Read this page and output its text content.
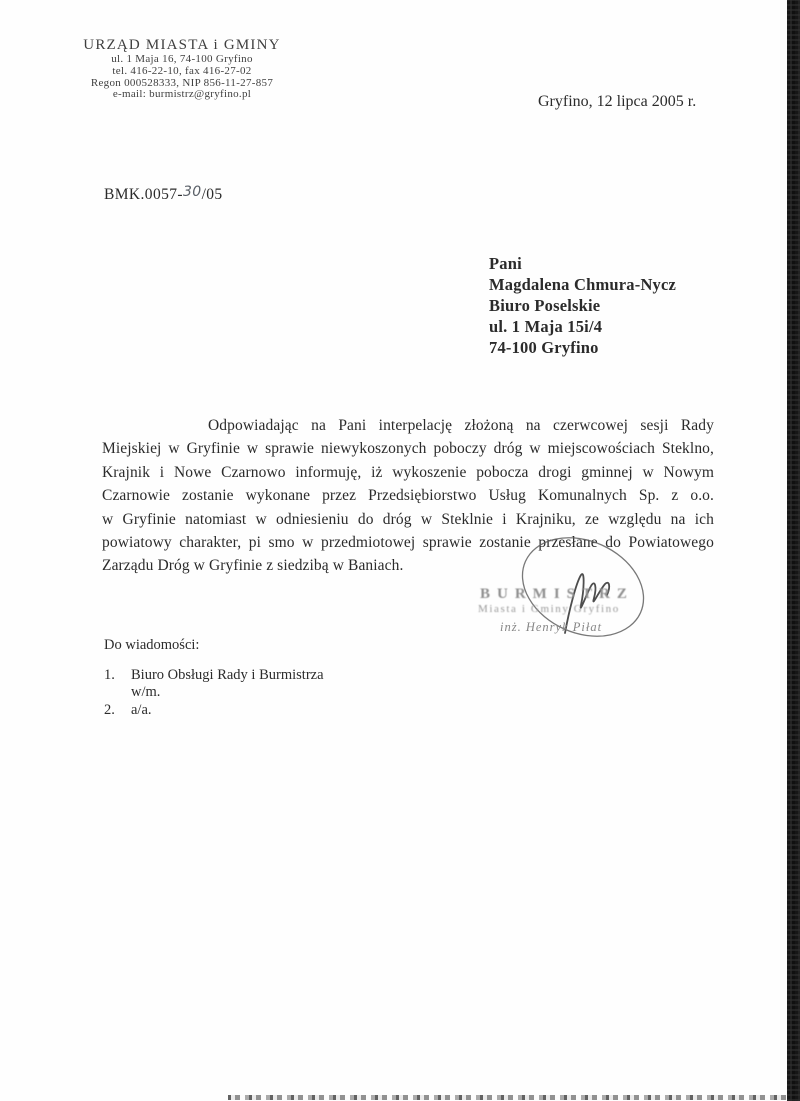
URZĄD MIASTA i GMINY
ul. 1 Maja 16, 74-100 Gryfino
tel. 416-22-10, fax 416-27-02
Regon 000528333, NIP 856-11-27-857
e-mail: burmistrz@gryfino.pl	Gryfino, 12 lipca 2005 r.
BMK.0057-30/05
Pani
Magdalena Chmura-Nycz
Biuro Poselskie
ul. 1 Maja 15i/4
74-100 Gryfino
Odpowiadając na Pani interpelację złożoną na czerwcowej sesji Rady
Miejskiej w Gryfinie w sprawie niewykoszonych poboczy dróg w miejscowościach Steklno,
Krajnik i Nowe Czarnowo informuję, iż wykoszenie pobocza drogi gminnej w Nowym
Czarnowie zostanie wykonane przez Przedsiębiorstwo Usług Komunalnych Sp. z o.o.
w Gryfinie natomiast w odniesieniu do dróg w Steklnie i Krajniku, ze względu na ich
powiatowy charakter, pi smo w przedmiotowej sprawie zostanie przesłane do Powiatowego
Zarządu Dróg w Gryfinie z siedzibą w Baniach.
BURMISTRZ
Miasta i Gminy Gryfino
inż. Henryk Piłat
Do wiadomości:
1.	Biuro Obsługi Rady i Burmistrza
w/m.
2.	a/a.
